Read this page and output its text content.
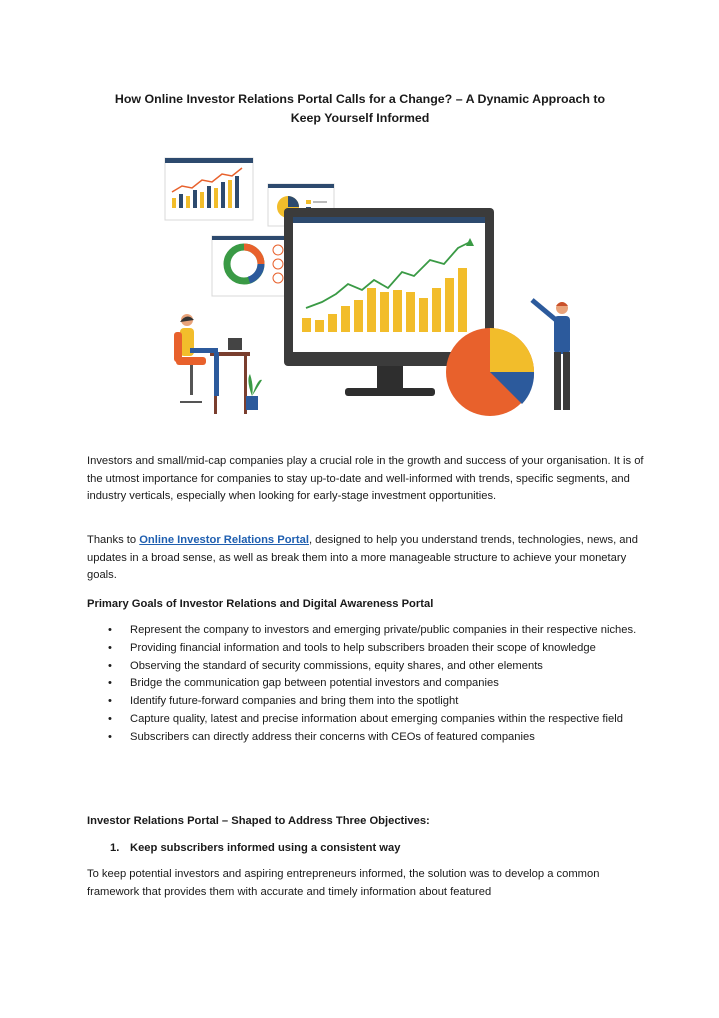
How Online Investor Relations Portal Calls for a Change? – A Dynamic Approach to
Keep Yourself Informed
Investors and small/mid-cap companies play a crucial role in the growth and success of your organisation. It is of the utmost importance for companies to stay up-to-date and well-informed with trends, specific segments, and industry verticals, especially when looking for early-stage investment opportunities.
Thanks to Online Investor Relations Portal, designed to help you understand trends, technologies, news, and updates in a broad sense, as well as break them into a more manageable structure to achieve your monetary goals.
Primary Goals of Investor Relations and Digital Awareness Portal
• Represent the company to investors and emerging private/public companies in their respective niches.
• Providing financial information and tools to help subscribers broaden their scope of knowledge
• Observing the standard of security commissions, equity shares, and other elements
• Bridge the communication gap between potential investors and companies
• Identify future-forward companies and bring them into the spotlight
• Capture quality, latest and precise information about emerging companies within the respective field
• Subscribers can directly address their concerns with CEOs of featured companies
Investor Relations Portal – Shaped to Address Three Objectives:
1. Keep subscribers informed using a consistent way
To keep potential investors and aspiring entrepreneurs informed, the solution was to develop a common framework that provides them with accurate and timely information about featured
